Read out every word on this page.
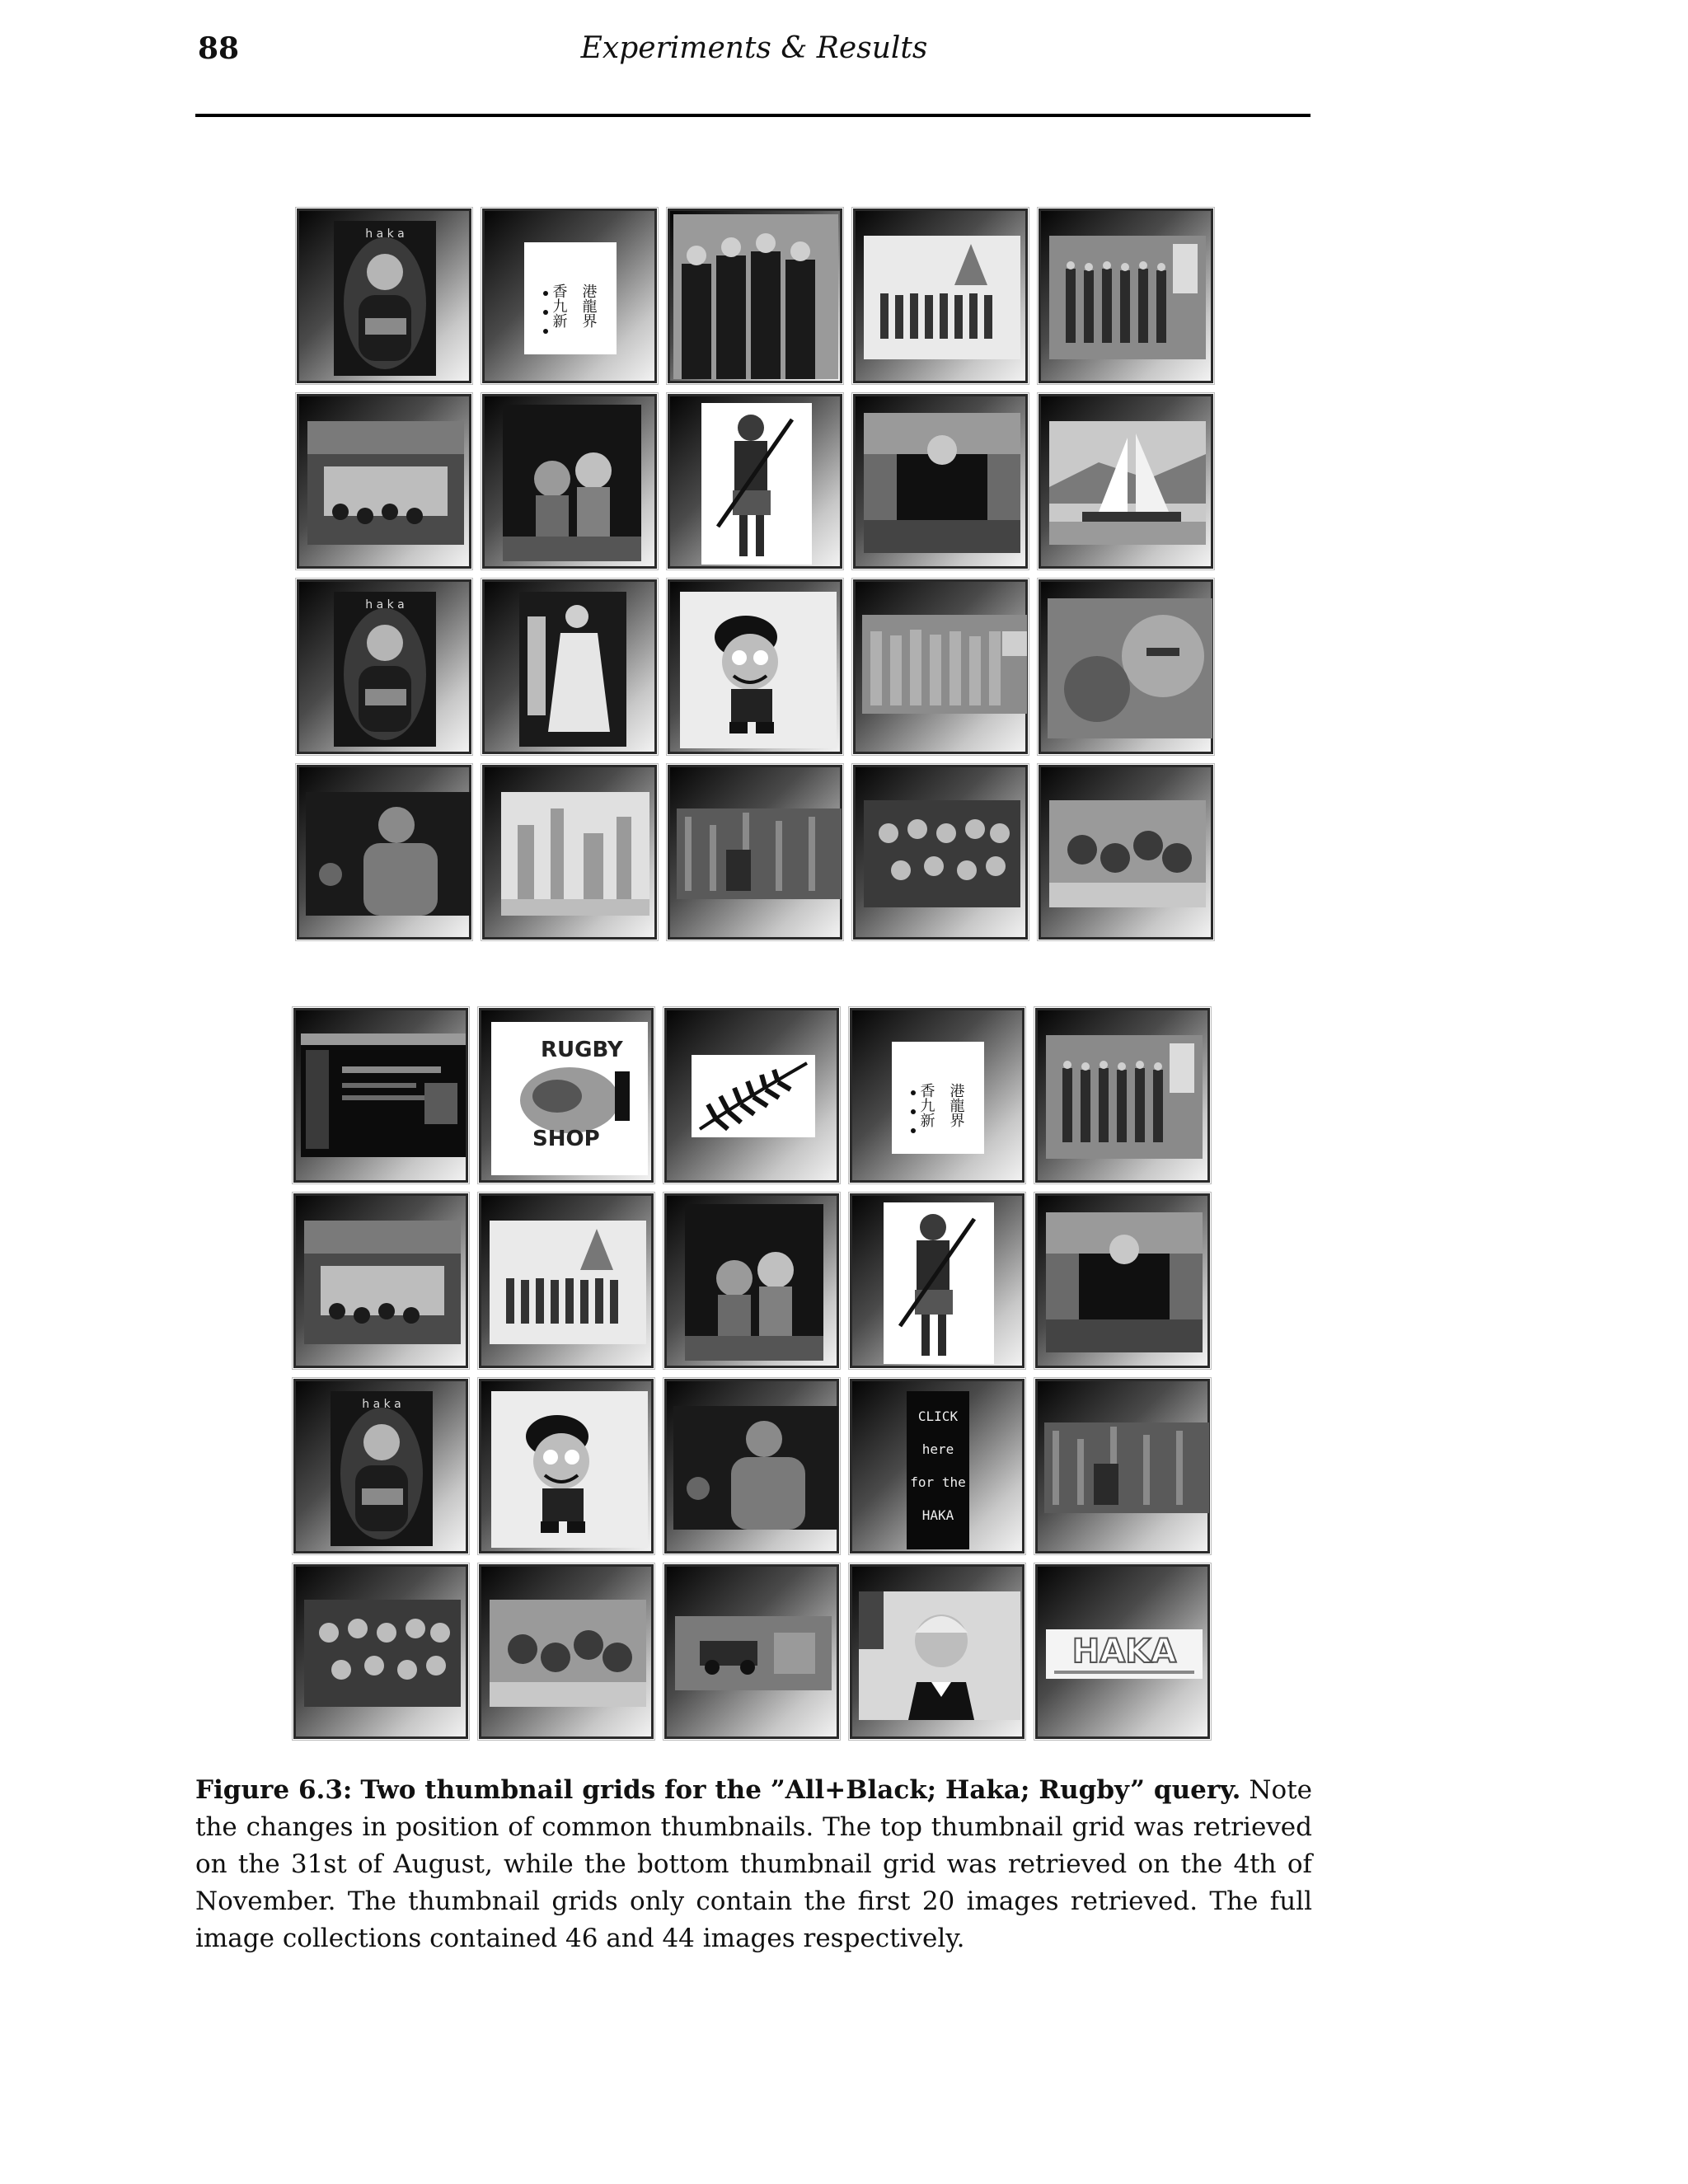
88	Experiments & Results
h a k a
香九新 港龍界
h a k a
RUGBY
SHOP
香九新 港龍界
h a k a
CLICK
here
for the
HAKA
HAKA
Figure 6.3: Two thumbnail grids for the ”All+Black; Haka; Rugby” query. Note the changes in position of common thumbnails. The top thumbnail grid was retrieved on the 31st of August, while the bottom thumbnail grid was retrieved on the 4th of November. The thumbnail grids only contain the first 20 images retrieved. The full image collections contained 46 and 44 images respectively.
